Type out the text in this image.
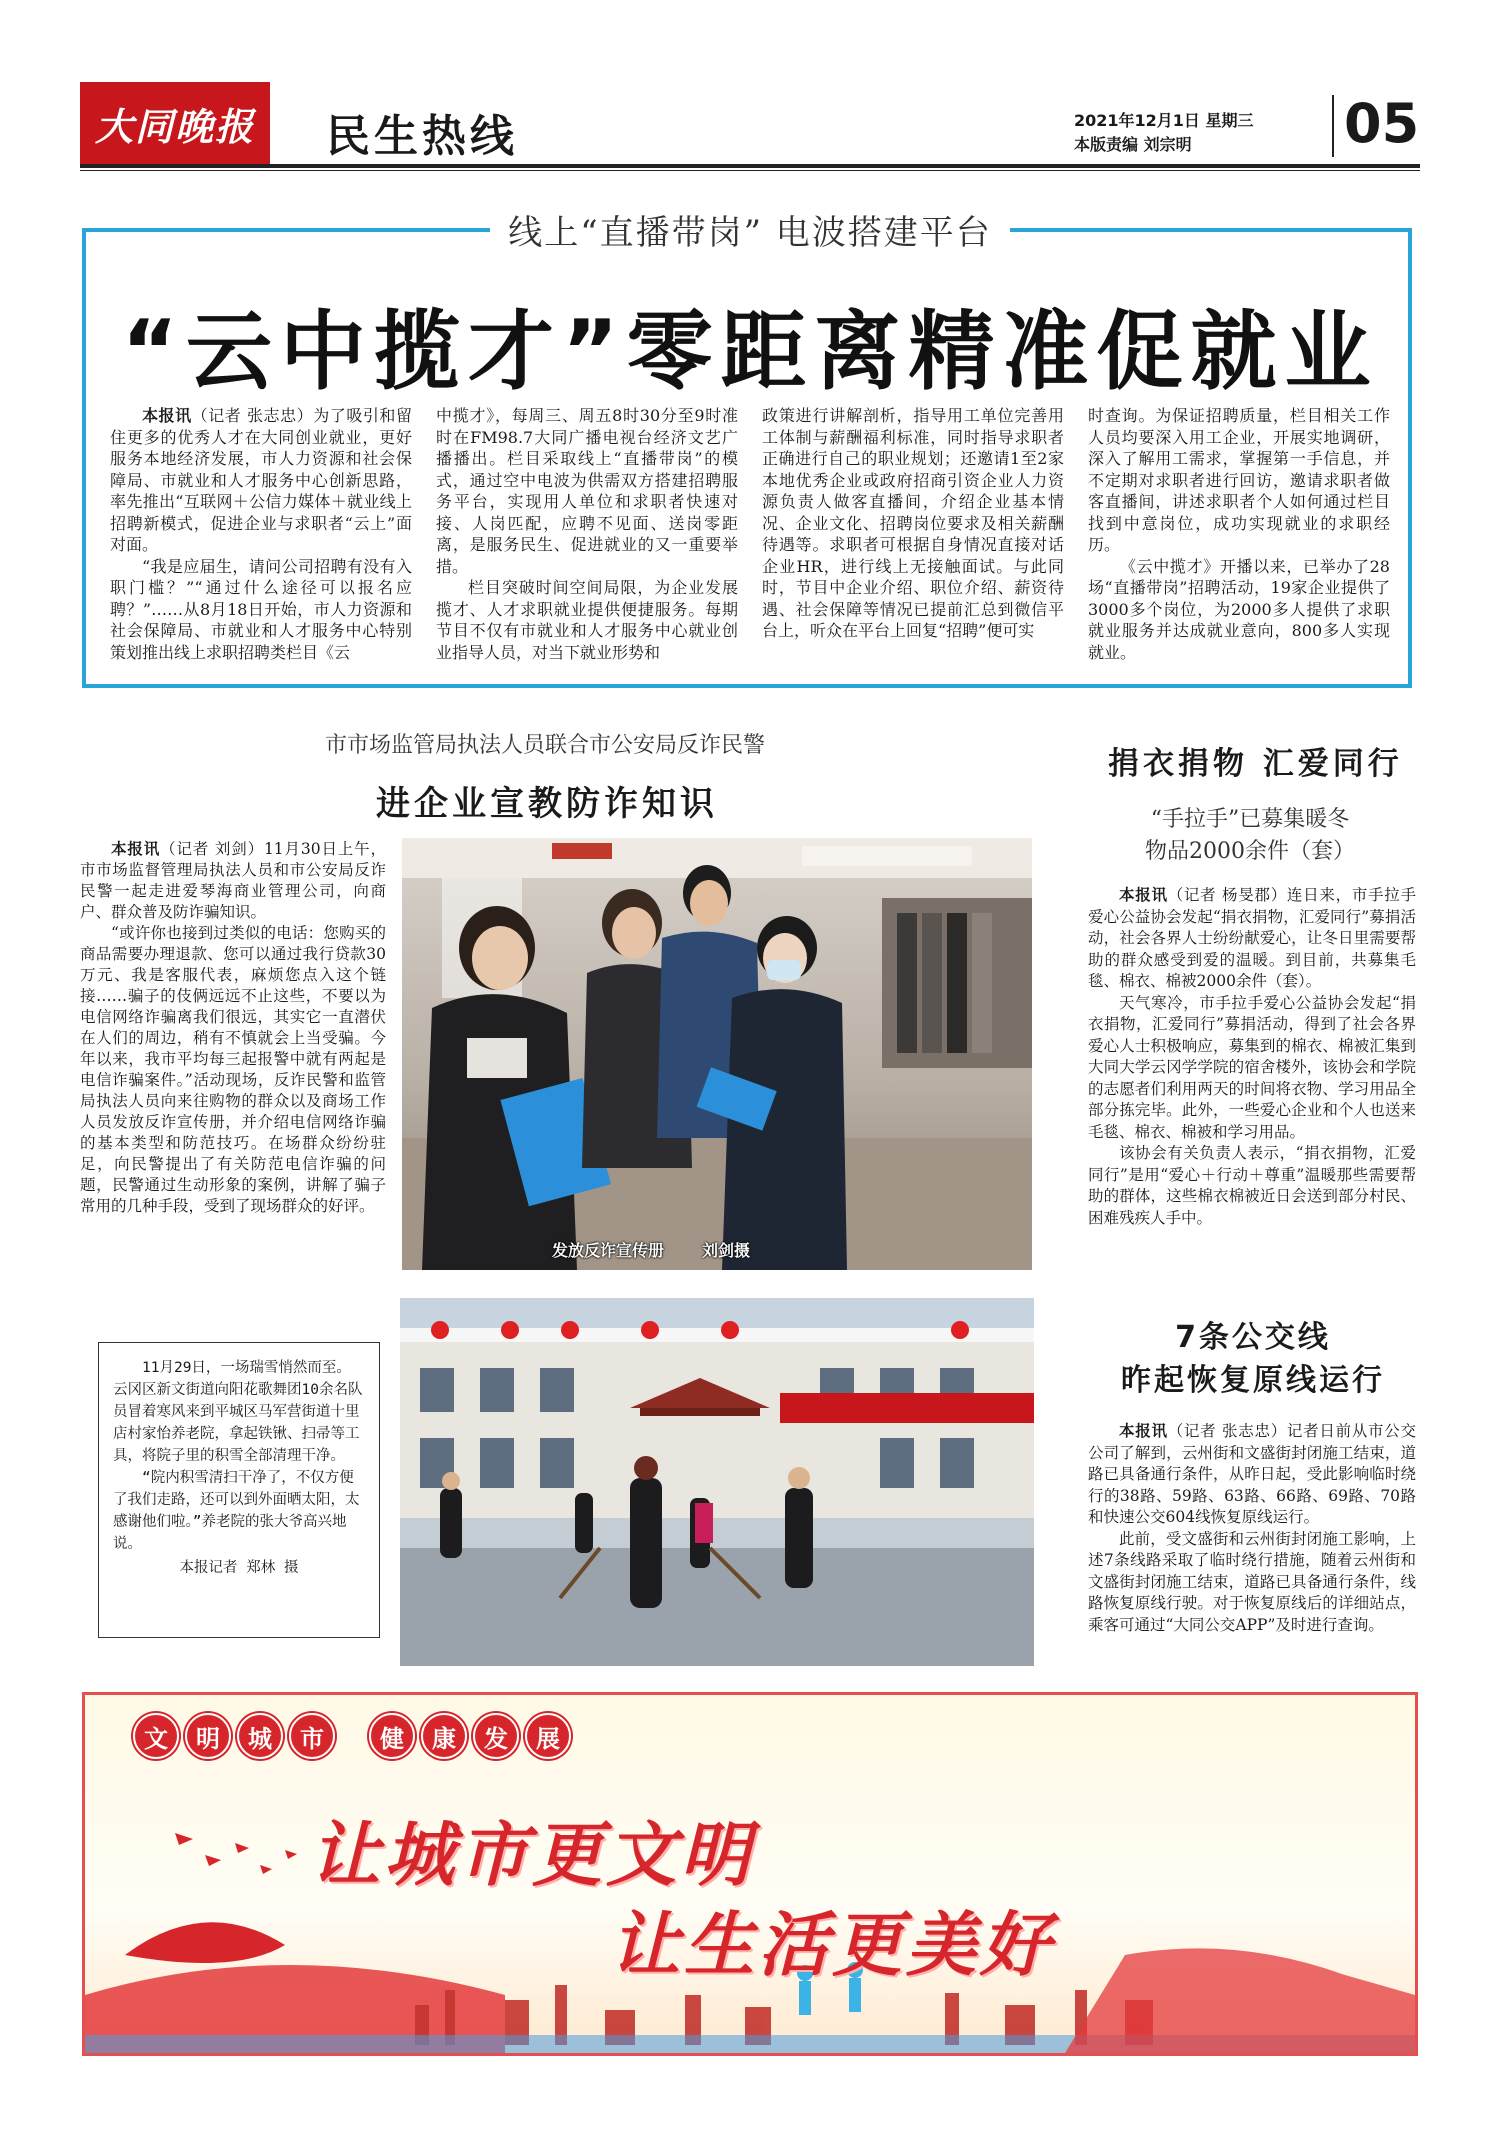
大同晚报	民生热线	2021年12月1日 星期三
本版责编 刘宗明	05
线上“直播带岗” 电波搭建平台
“云中揽才”零距离精准促就业

本报讯（记者 张志忠）为了吸引和留住更多的优秀人才在大同创业就业，更好服务本地经济发展，市人力资源和社会保障局、市就业和人才服务中心创新思路，率先推出“互联网＋公信力媒体＋就业线上招聘新模式，促进企业与求职者“云上”面对面。

“我是应届生，请问公司招聘有没有入职门槛？”“通过什么途径可以报名应聘？”……从8月18日开始，市人力资源和社会保障局、市就业和人才服务中心特别策划推出线上求职招聘类栏目《云

中揽才》，每周三、周五8时30分至9时准时在FM98.7大同广播电视台经济文艺广播播出。栏目采取线上“直播带岗”的模式，通过空中电波为供需双方搭建招聘服务平台，实现用人单位和求职者快速对接、人岗匹配，应聘不见面、送岗零距离，是服务民生、促进就业的又一重要举措。

栏目突破时间空间局限，为企业发展揽才、人才求职就业提供便捷服务。每期节目不仅有市就业和人才服务中心就业创业指导人员，对当下就业形势和

政策进行讲解剖析，指导用工单位完善用工体制与薪酬福利标准，同时指导求职者正确进行自己的职业规划；还邀请1至2家本地优秀企业或政府招商引资企业人力资源负责人做客直播间，介绍企业基本情况、企业文化、招聘岗位要求及相关薪酬待遇等。求职者可根据自身情况直接对话企业HR，进行线上无接触面试。与此同时，节目中企业介绍、职位介绍、薪资待遇、社会保障等情况已提前汇总到微信平台上，听众在平台上回复“招聘”便可实

时查询。为保证招聘质量，栏目相关工作人员均要深入用工企业，开展实地调研，深入了解用工需求，掌握第一手信息，并不定期对求职者进行回访，邀请求职者做客直播间，讲述求职者个人如何通过栏目找到中意岗位，成功实现就业的求职经历。

《云中揽才》开播以来，已举办了28场“直播带岗”招聘活动，19家企业提供了3000多个岗位，为2000多人提供了求职就业服务并达成就业意向，800多人实现就业。

市市场监管局执法人员联合市公安局反诈民警
进企业宣教防诈知识

本报讯（记者 刘剑）11月30日上午，市市场监督管理局执法人员和市公安局反诈民警一起走进爱琴海商业管理公司，向商户、群众普及防诈骗知识。

“或许你也接到过类似的电话：您购买的商品需要办理退款、您可以通过我行贷款30万元、我是客服代表，麻烦您点入这个链接……骗子的伎俩远远不止这些，不要以为电信网络诈骗离我们很远，其实它一直潜伏在人们的周边，稍有不慎就会上当受骗。今年以来，我市平均每三起报警中就有两起是电信诈骗案件。”活动现场，反诈民警和监管局执法人员向来往购物的群众以及商场工作人员发放反诈宣传册，并介绍电信网络诈骗的基本类型和防范技巧。在场群众纷纷驻足，向民警提出了有关防范电信诈骗的问题，民警通过生动形象的案例，讲解了骗子常用的几种手段，受到了现场群众的好评。

发放反诈宣传册 刘剑摄
捐衣捐物 汇爱同行
“手拉手”已募集暖冬
物品2000余件（套）

本报讯（记者 杨旻郡）连日来，市手拉手爱心公益协会发起“捐衣捐物，汇爱同行”募捐活动，社会各界人士纷纷献爱心，让冬日里需要帮助的群众感受到爱的温暖。到目前，共募集毛毯、棉衣、棉被2000余件（套）。

天气寒冷，市手拉手爱心公益协会发起“捐衣捐物，汇爱同行”募捐活动，得到了社会各界爱心人士积极响应，募集到的棉衣、棉被汇集到大同大学云冈学学院的宿舍楼外，该协会和学院的志愿者们利用两天的时间将衣物、学习用品全部分拣完毕。此外，一些爱心企业和个人也送来毛毯、棉衣、棉被和学习用品。

该协会有关负责人表示，“捐衣捐物，汇爱同行”是用“爱心＋行动＋尊重”温暖那些需要帮助的群体，这些棉衣棉被近日会送到部分村民、困难残疾人手中。

11月29日，一场瑞雪悄然而至。云冈区新文街道向阳花歌舞团10余名队员冒着寒风来到平城区马军营街道十里店村家怡养老院，拿起铁锹、扫帚等工具，将院子里的积雪全部清理干净。

“院内积雪清扫干净了，不仅方便了我们走路，还可以到外面晒太阳，太感谢他们啦。”养老院的张大爷高兴地说。

本报记者 郑林 摄
7条公交线
昨起恢复原线运行

本报讯（记者 张志忠）记者日前从市公交公司了解到，云州街和文盛街封闭施工结束，道路已具备通行条件，从昨日起，受此影响临时绕行的38路、59路、63路、66路、69路、70路和快速公交604线恢复原线运行。

此前，受文盛街和云州街封闭施工影响，上述7条线路采取了临时绕行措施，随着云州街和文盛街封闭施工结束，道路已具备通行条件，线路恢复原线行驶。对于恢复原线后的详细站点，乘客可通过“大同公交APP”及时进行查询。

文	明	城	市	健	康	发	展
让城市更文明
让生活更美好
